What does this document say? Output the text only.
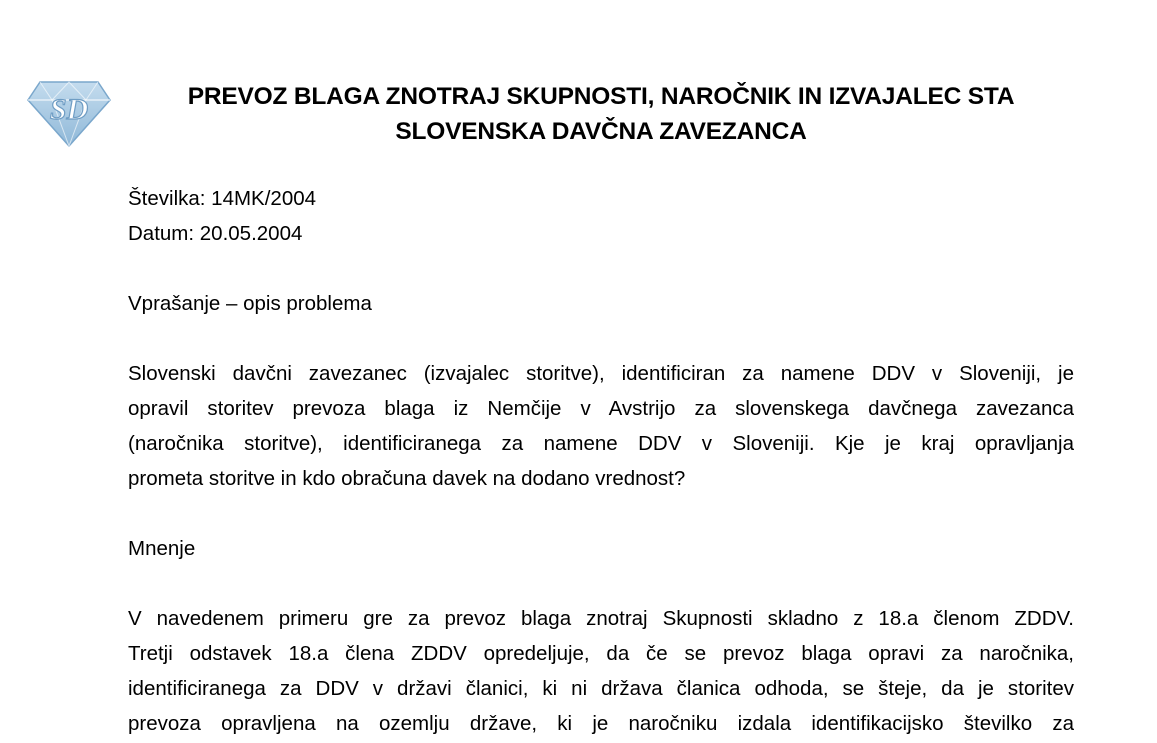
SD	PREVOZ BLAGA ZNOTRAJ SKUPNOSTI, NAROČNIK IN IZVAJALEC STA
SLOVENSKA DAVČNA ZAVEZANCA
Številka: 14MK/2004
Datum: 20.05.2004
Vprašanje – opis problema
Slovenski davčni zavezanec (izvajalec storitve), identificiran za namene DDV v Sloveniji, je
opravil storitev prevoza blaga iz Nemčije v Avstrijo za slovenskega davčnega zavezanca
(naročnika storitve), identificiranega za namene DDV v Sloveniji. Kje je kraj opravljanja
prometa storitve in kdo obračuna davek na dodano vrednost?
Mnenje
V navedenem primeru gre za prevoz blaga znotraj Skupnosti skladno z 18.a členom ZDDV.
Tretji odstavek 18.a člena ZDDV opredeljuje, da če se prevoz blaga opravi za naročnika,
identificiranega za DDV v državi članici, ki ni država članica odhoda, se šteje, da je storitev
prevoza opravljena na ozemlju države, ki je naročniku izdala identifikacijsko številko za
